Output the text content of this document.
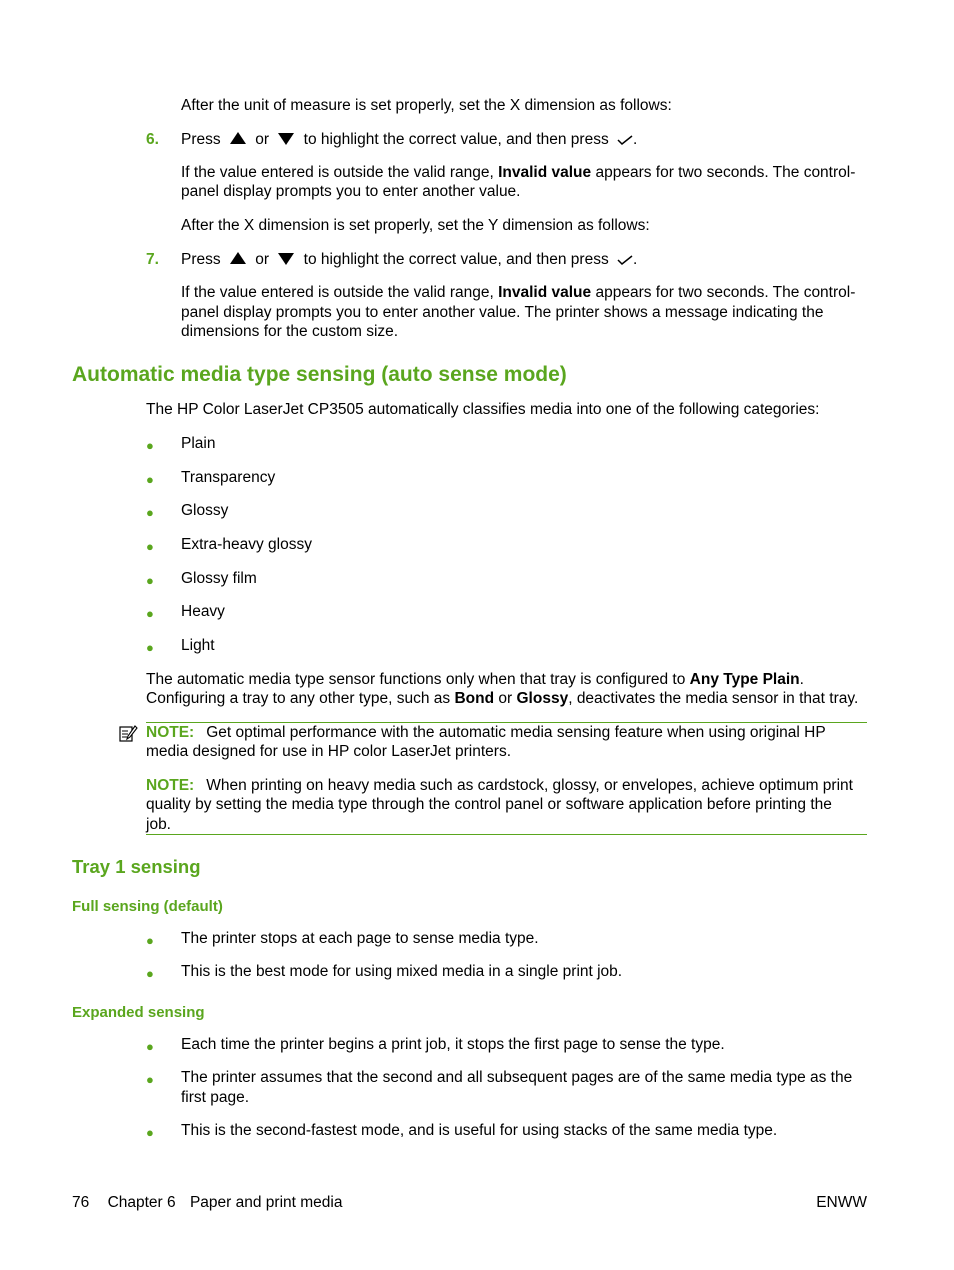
After the unit of measure is set properly, set the X dimension as follows:
6. Press or to highlight the correct value, and then press .
If the value entered is outside the valid range, Invalid value appears for two seconds. The control-
panel display prompts you to enter another value.
After the X dimension is set properly, set the Y dimension as follows:
7. Press or to highlight the correct value, and then press .
If the value entered is outside the valid range, Invalid value appears for two seconds. The control-
panel display prompts you to enter another value. The printer shows a message indicating the
dimensions for the custom size.
Automatic media type sensing (auto sense mode)
The HP Color LaserJet CP3505 automatically classifies media into one of the following categories:
● Plain
● Transparency
● Glossy
● Extra-heavy glossy
● Glossy film
● Heavy
● Light
The automatic media type sensor functions only when that tray is configured to Any Type Plain.
Configuring a tray to any other type, such as Bond or Glossy, deactivates the media sensor in that tray.
NOTE: Get optimal performance with the automatic media sensing feature when using original HP
media designed for use in HP color LaserJet printers.
NOTE: When printing on heavy media such as cardstock, glossy, or envelopes, achieve optimum print
quality by setting the media type through the control panel or software application before printing the
job.
Tray 1 sensing
Full sensing (default)
● The printer stops at each page to sense media type.
● This is the best mode for using mixed media in a single print job.
Expanded sensing
● Each time the printer begins a print job, it stops the first page to sense the type.
● The printer assumes that the second and all subsequent pages are of the same media type as the
first page.
● This is the second-fastest mode, and is useful for using stacks of the same media type.
76 Chapter 6 Paper and print media	ENWW
